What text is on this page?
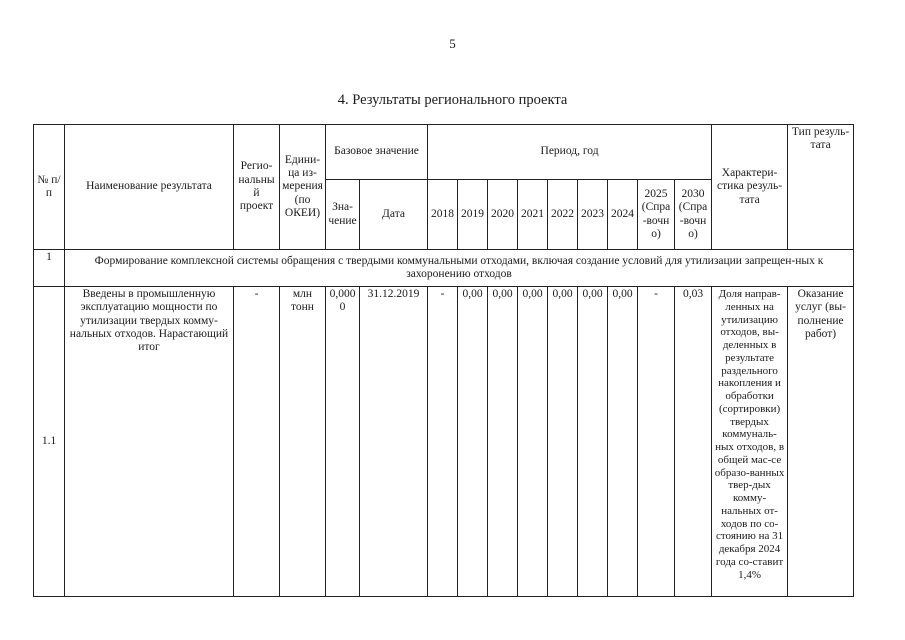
5
4. Результаты регионального проекта
№ п/п	Наименование результата	Регио-нальный проект	Едини-ца из-мерения (по ОКЕИ)	Базовое значение		Период, год									Характери-стика резуль-тата	Тип резуль-тата
				Зна-чение	Дата	2018	2019	2020	2021	2022	2023	2024	2025 (Спра-вочно)	2030 (Спра-вочно)		
1	Формирование комплексной системы обращения с твердыми коммунальными отходами, включая создание условий для утилизации запрещен-ных к захоронению отходов															
1.1	Введены в промышленную эксплуатацию мощности по утилизации твердых комму-нальных отходов. Нарастающий итог	-	млн тонн	0,0000	31.12.2019	-	0,00	0,00	0,00	0,00	0,00	0,00	-	0,03	Доля направ-ленных на утилизацию отходов, вы-деленных в результате раздельного накопления и обработки (сортировки) твердых коммуналь-ных отходов, в общей мас-се образо-ванных твер-дых комму-нальных от-ходов по со-стоянию на 31 декабря 2024 года со-ставит 1,4%	Оказание услуг (вы-полнение работ)
